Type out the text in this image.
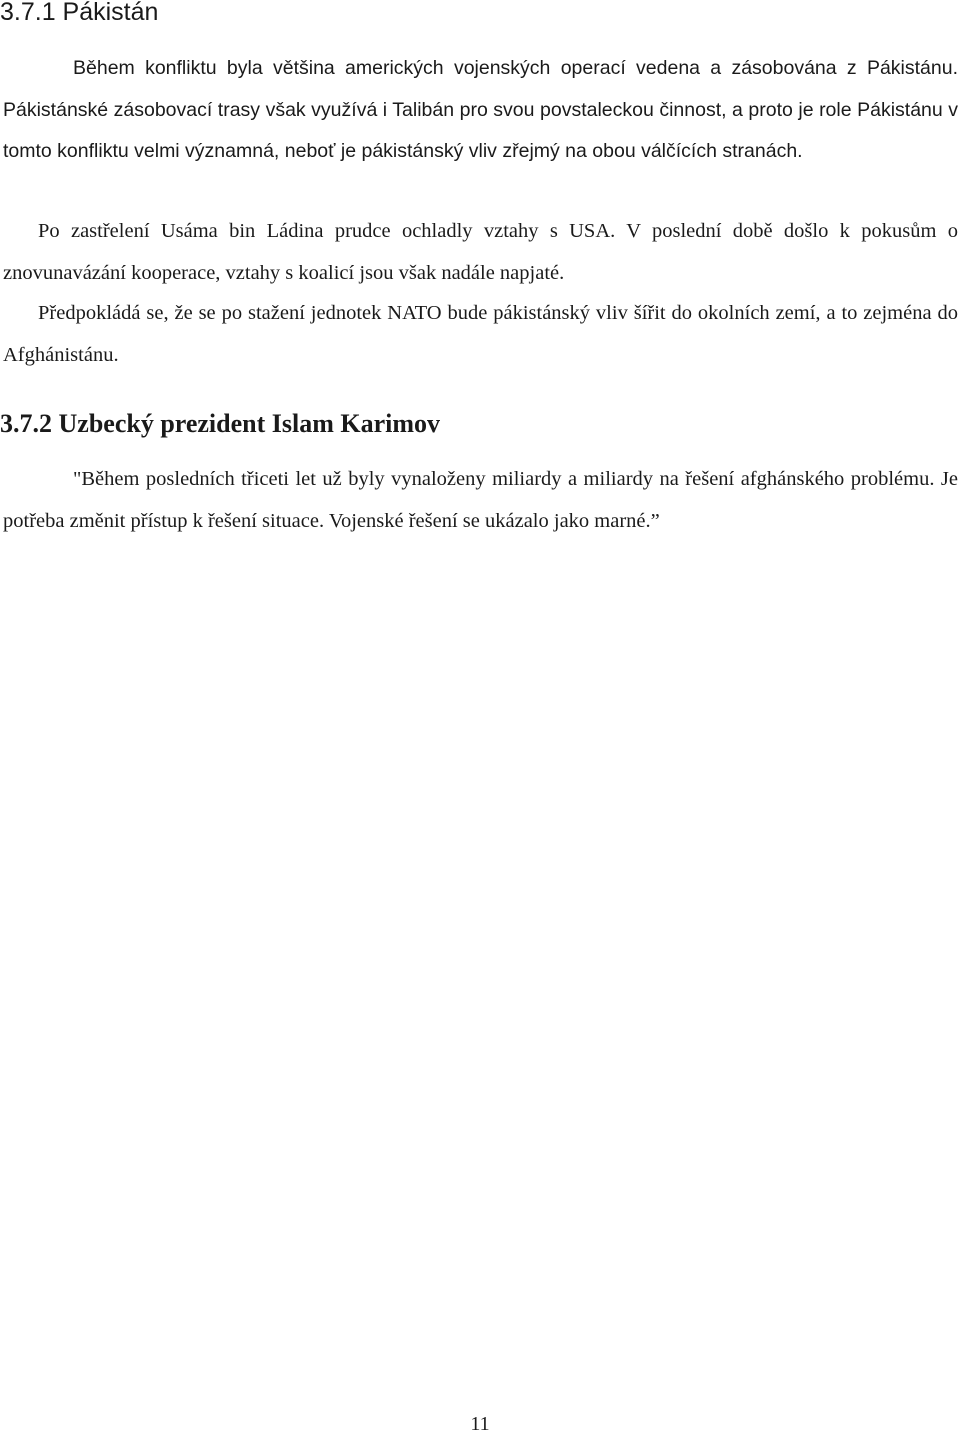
3.7.1 Pákistán

Během konfliktu byla většina amerických vojenských operací vedena a zásobována z Pákistánu. Pákistánské zásobovací trasy však využívá i Talibán pro svou povstaleckou činnost, a proto je role Pákistánu v tomto konfliktu velmi významná, neboť je pákistánský vliv zřejmý na obou válčících stranách.

Po zastřelení Usáma bin Ládina prudce ochladly vztahy s USA. V poslední době došlo k pokusům o znovunavázání kooperace, vztahy s koalicí jsou však nadále napjaté.

Předpokládá se, že se po stažení jednotek NATO bude pákistánský vliv šířit do okolních zemí, a to zejména do Afghánistánu.

3.7.2 Uzbecký prezident Islam Karimov

"Během posledních třiceti let už byly vynaloženy miliardy a miliardy na řešení afghánského problému. Je potřeba změnit přístup k řešení situace. Vojenské řešení se ukázalo jako marné.”

11
